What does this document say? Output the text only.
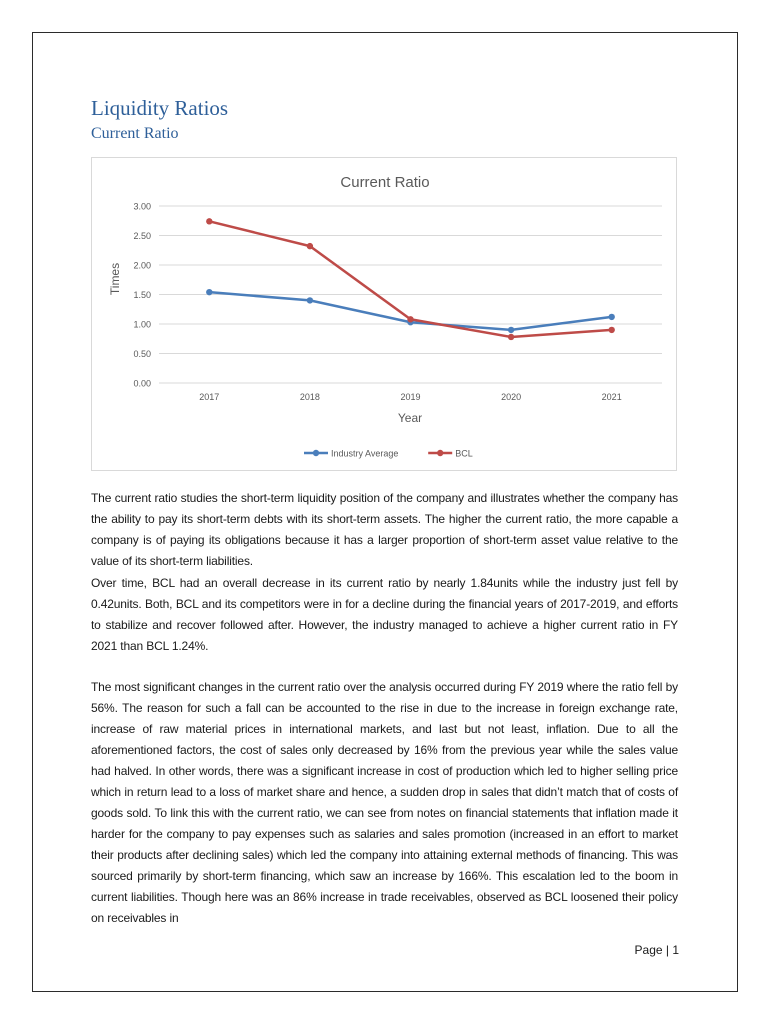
Liquidity Ratios
Current Ratio
Current Ratio
0.00
0.50
1.00
1.50
2.00
2.50
3.00
2017	2018	2019	2020	2021
Times
Year
Industry Average	BCL

The current ratio studies the short-term liquidity position of the company and illustrates whether the company has the ability to pay its short-term debts with its short-term assets. The higher the current ratio, the more capable a company is of paying its obligations because it has a larger proportion of short-term asset value relative to the value of its short-term liabilities.

Over time, BCL had an overall decrease in its current ratio by nearly 1.84units while the industry just fell by 0.42units. Both, BCL and its competitors were in for a decline during the financial years of 2017-2019, and efforts to stabilize and recover followed after. However, the industry managed to achieve a higher current ratio in FY 2021 than BCL 1.24%.

The most significant changes in the current ratio over the analysis occurred during FY 2019 where the ratio fell by 56%. The reason for such a fall can be accounted to the rise in due to the increase in foreign exchange rate, increase of raw material prices in international markets, and last but not least, inflation. Due to all the aforementioned factors, the cost of sales only decreased by 16% from the previous year while the sales value had halved. In other words, there was a significant increase in cost of production which led to higher selling price which in return lead to a loss of market share and hence, a sudden drop in sales that didn’t match that of costs of goods sold. To link this with the current ratio, we can see from notes on financial statements that inflation made it harder for the company to pay expenses such as salaries and sales promotion (increased in an effort to market their products after declining sales) which led the company into attaining external methods of financing. This was sourced primarily by short-term financing, which saw an increase by 166%. This escalation led to the boom in current liabilities. Though here was an 86% increase in trade receivables, observed as BCL loosened their policy on receivables in

Page | 1
